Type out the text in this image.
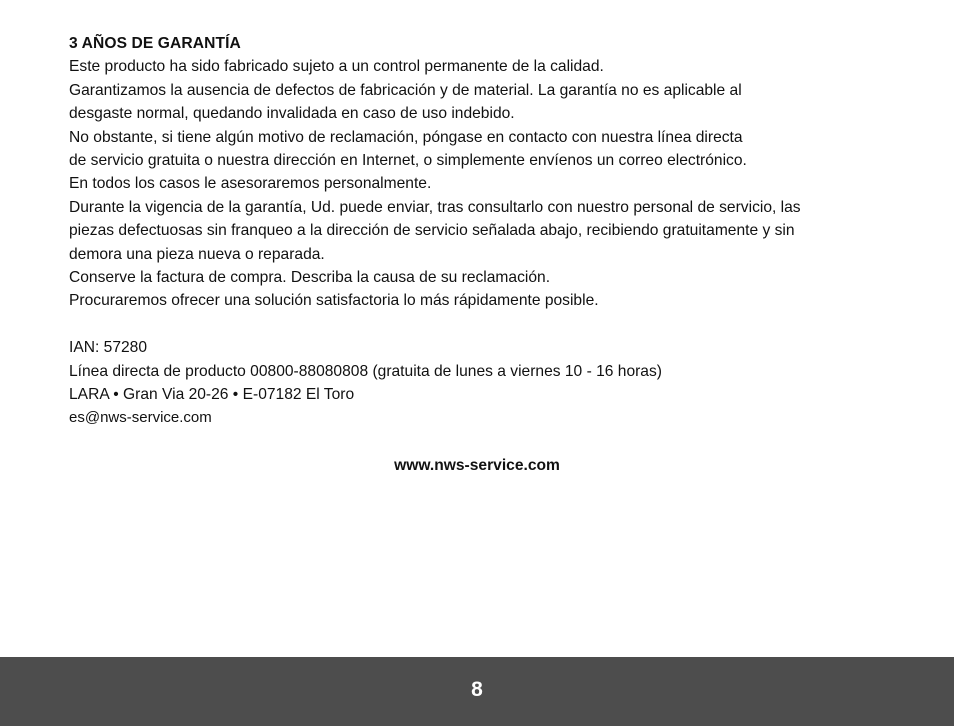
3 AÑOS DE GARANTÍA
Este producto ha sido fabricado sujeto a un control permanente de la calidad.
Garantizamos la ausencia de defectos de fabricación y de material. La garantía no es aplicable al
desgaste normal, quedando invalidada en caso de uso indebido.
No obstante, si tiene algún motivo de reclamación, póngase en contacto con nuestra línea directa
de servicio gratuita o nuestra dirección en Internet, o simplemente envíenos un correo electrónico.
En todos los casos le asesoraremos personalmente.
Durante la vigencia de la garantía, Ud. puede enviar, tras consultarlo con nuestro personal de servicio, las
piezas defectuosas sin franqueo a la dirección de servicio señalada abajo, recibiendo gratuitamente y sin
demora una pieza nueva o reparada.
Conserve la factura de compra. Describa la causa de su reclamación.
Procuraremos ofrecer una solución satisfactoria lo más rápidamente posible.
IAN: 57280
Línea directa de producto 00800-88080808 (gratuita de lunes a viernes 10 - 16 horas)
LARA • Gran Via 20-26 • E-07182 El Toro
es@nws-service.com
www.nws-service.com
8
